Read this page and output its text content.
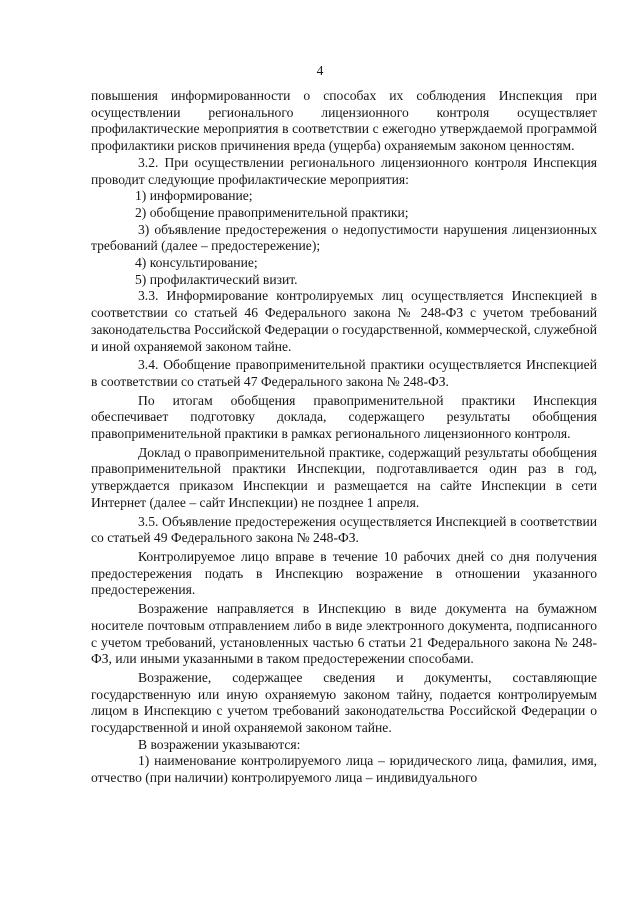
4

повышения информированности о способах их соблюдения Инспекция при осуществлении регионального лицензионного контроля осуществляет профилактические мероприятия в соответствии с ежегодно утверждаемой программой профилактики рисков причинения вреда (ущерба) охраняемым законом ценностям.

3.2. При осуществлении регионального лицензионного контроля Инспекция проводит следующие профилактические мероприятия:

1) информирование;

2) обобщение правоприменительной практики;

3) объявление предостережения о недопустимости нарушения лицензионных требований (далее – предостережение);

4) консультирование;

5) профилактический визит.

3.3. Информирование контролируемых лиц осуществляется Инспекцией в соответствии со статьей 46 Федерального закона № 248-ФЗ с учетом требований законодательства Российской Федерации о государственной, коммерческой, служебной и иной охраняемой законом тайне.

3.4. Обобщение правоприменительной практики осуществляется Инспекцией в соответствии со статьей 47 Федерального закона № 248-ФЗ.

По итогам обобщения правоприменительной практики Инспекция обеспечивает подготовку доклада, содержащего результаты обобщения правоприменительной практики в рамках регионального лицензионного контроля.

Доклад о правоприменительной практике, содержащий результаты обобщения правоприменительной практики Инспекции, подготавливается один раз в год, утверждается приказом Инспекции и размещается на сайте Инспекции в сети Интернет (далее – сайт Инспекции) не позднее 1 апреля.

3.5. Объявление предостережения осуществляется Инспекцией в соответствии со статьей 49 Федерального закона № 248-ФЗ.

Контролируемое лицо вправе в течение 10 рабочих дней со дня получения предостережения подать в Инспекцию возражение в отношении указанного предостережения.

Возражение направляется в Инспекцию в виде документа на бумажном носителе почтовым отправлением либо в виде электронного документа, подписанного с учетом требований, установленных частью 6 статьи 21 Федерального закона № 248-ФЗ, или иными указанными в таком предостережении способами.

Возражение, содержащее сведения и документы, составляющие государственную или иную охраняемую законом тайну, подается контролируемым лицом в Инспекцию с учетом требований законодательства Российской Федерации о государственной и иной охраняемой законом тайне.

В возражении указываются:

1) наименование контролируемого лица – юридического лица, фамилия, имя, отчество (при наличии) контролируемого лица – индивидуального
